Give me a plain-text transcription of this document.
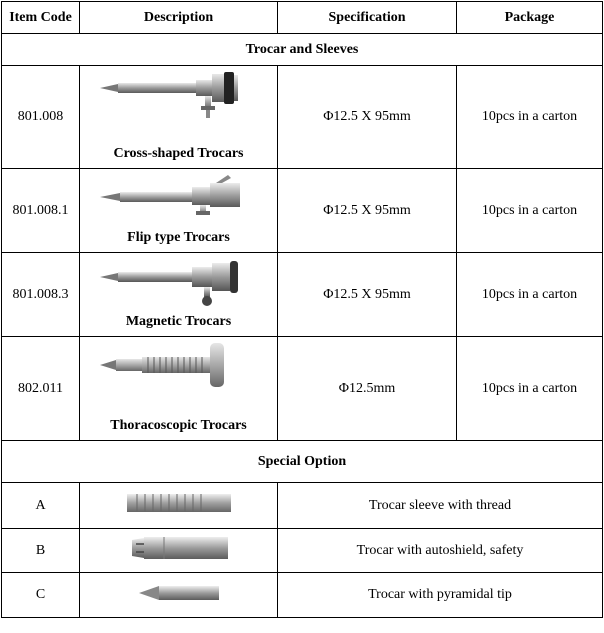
Item Code	Description	Specification	Package
Trocar and Sleeves			
801.008	Cross-shaped Trocars	Φ12.5 X 95mm	10pcs in a carton
801.008.1	Flip type Trocars	Φ12.5 X 95mm	10pcs in a carton
801.008.3	Magnetic Trocars	Φ12.5 X 95mm	10pcs in a carton
802.011	Thoracoscopic Trocars	Φ12.5mm	10pcs in a carton
Special Option			
A		Trocar sleeve with thread	
B		Trocar with autoshield, safety	
C		Trocar with pyramidal tip	
